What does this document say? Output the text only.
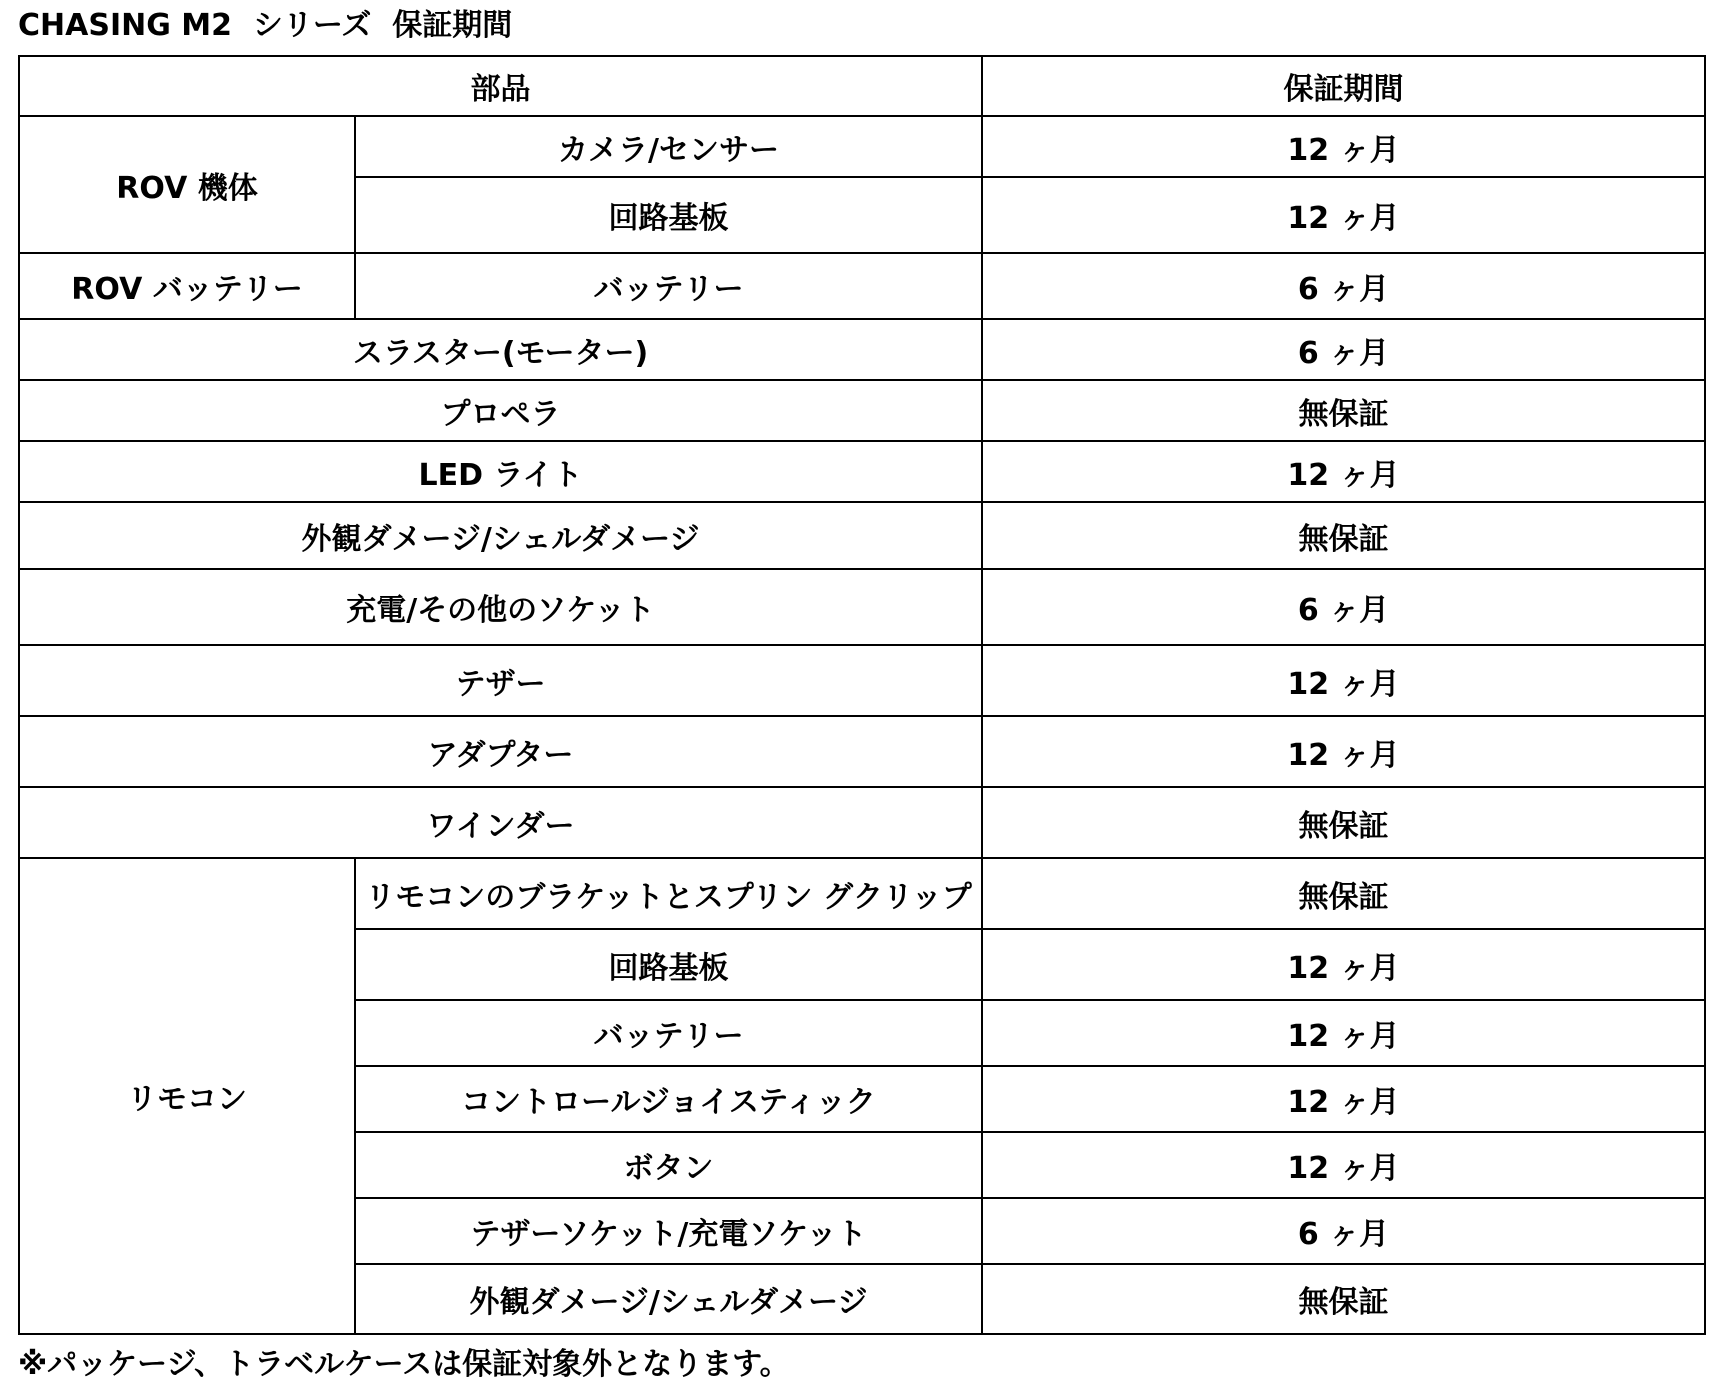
CHASING M2  シリーズ  保証期間
部品		保証期間
ROV 機体	カメラ/センサー	12 ヶ月
	回路基板	12 ヶ月
ROV バッテリー	バッテリー	6 ヶ月
スラスター(モーター)		6 ヶ月
プロペラ		無保証
LED ライト		12 ヶ月
外観ダメージ/シェルダメージ		無保証
充電/その他のソケット		6 ヶ月
テザー		12 ヶ月
アダプター		12 ヶ月
ワインダー		無保証
リモコン	リモコンのブラケットとスプリン グクリップ	無保証
	回路基板	12 ヶ月
	バッテリー	12 ヶ月
	コントロールジョイスティック	12 ヶ月
	ボタン	12 ヶ月
	テザーソケット/充電ソケット	6 ヶ月
	外観ダメージ/シェルダメージ	無保証
※パッケージ、トラベルケースは保証対象外となります。
